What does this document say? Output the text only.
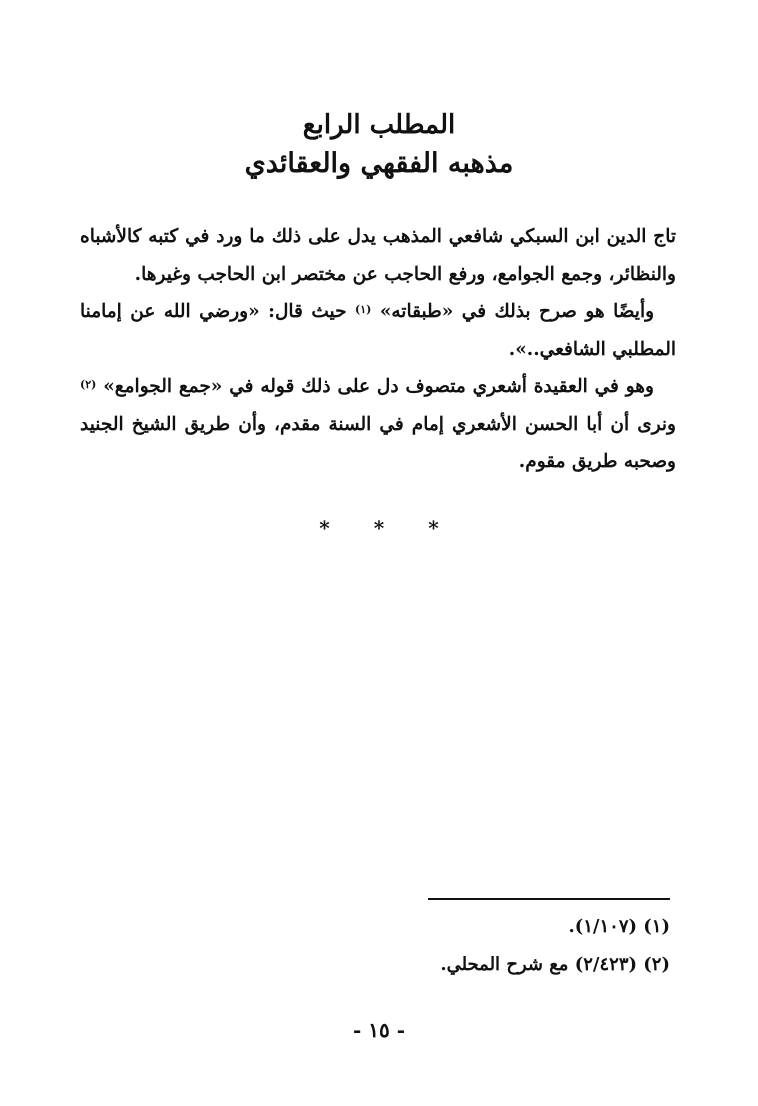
المطلب الرابع
مذهبه الفقهي والعقائدي

تاج الدين ابن السبكي شافعي المذهب يدل على ذلك ما ورد في كتبه كالأشباه والنظائر، وجمع الجوامع، ورفع الحاجب عن مختصر ابن الحاجب وغيرها.

وأيضًا هو صرح بذلك في «طبقاته» $^{(١)}$ حيث قال: «ورضي الله عن إمامنا المطلبي الشافعي..».

وهو في العقيدة أشعري متصوف دل على ذلك قوله في «جمع الجوامع» $^{(٢)}$ ونرى أن أبا الحسن الأشعري إمام في السنة مقدم، وأن طريق الشيخ الجنيد وصحبه طريق مقوم.

* * *
(١) (١/١٠٧).
(٢) (٢/٤٢٣) مع شرح المحلي.
- ١٥ -
